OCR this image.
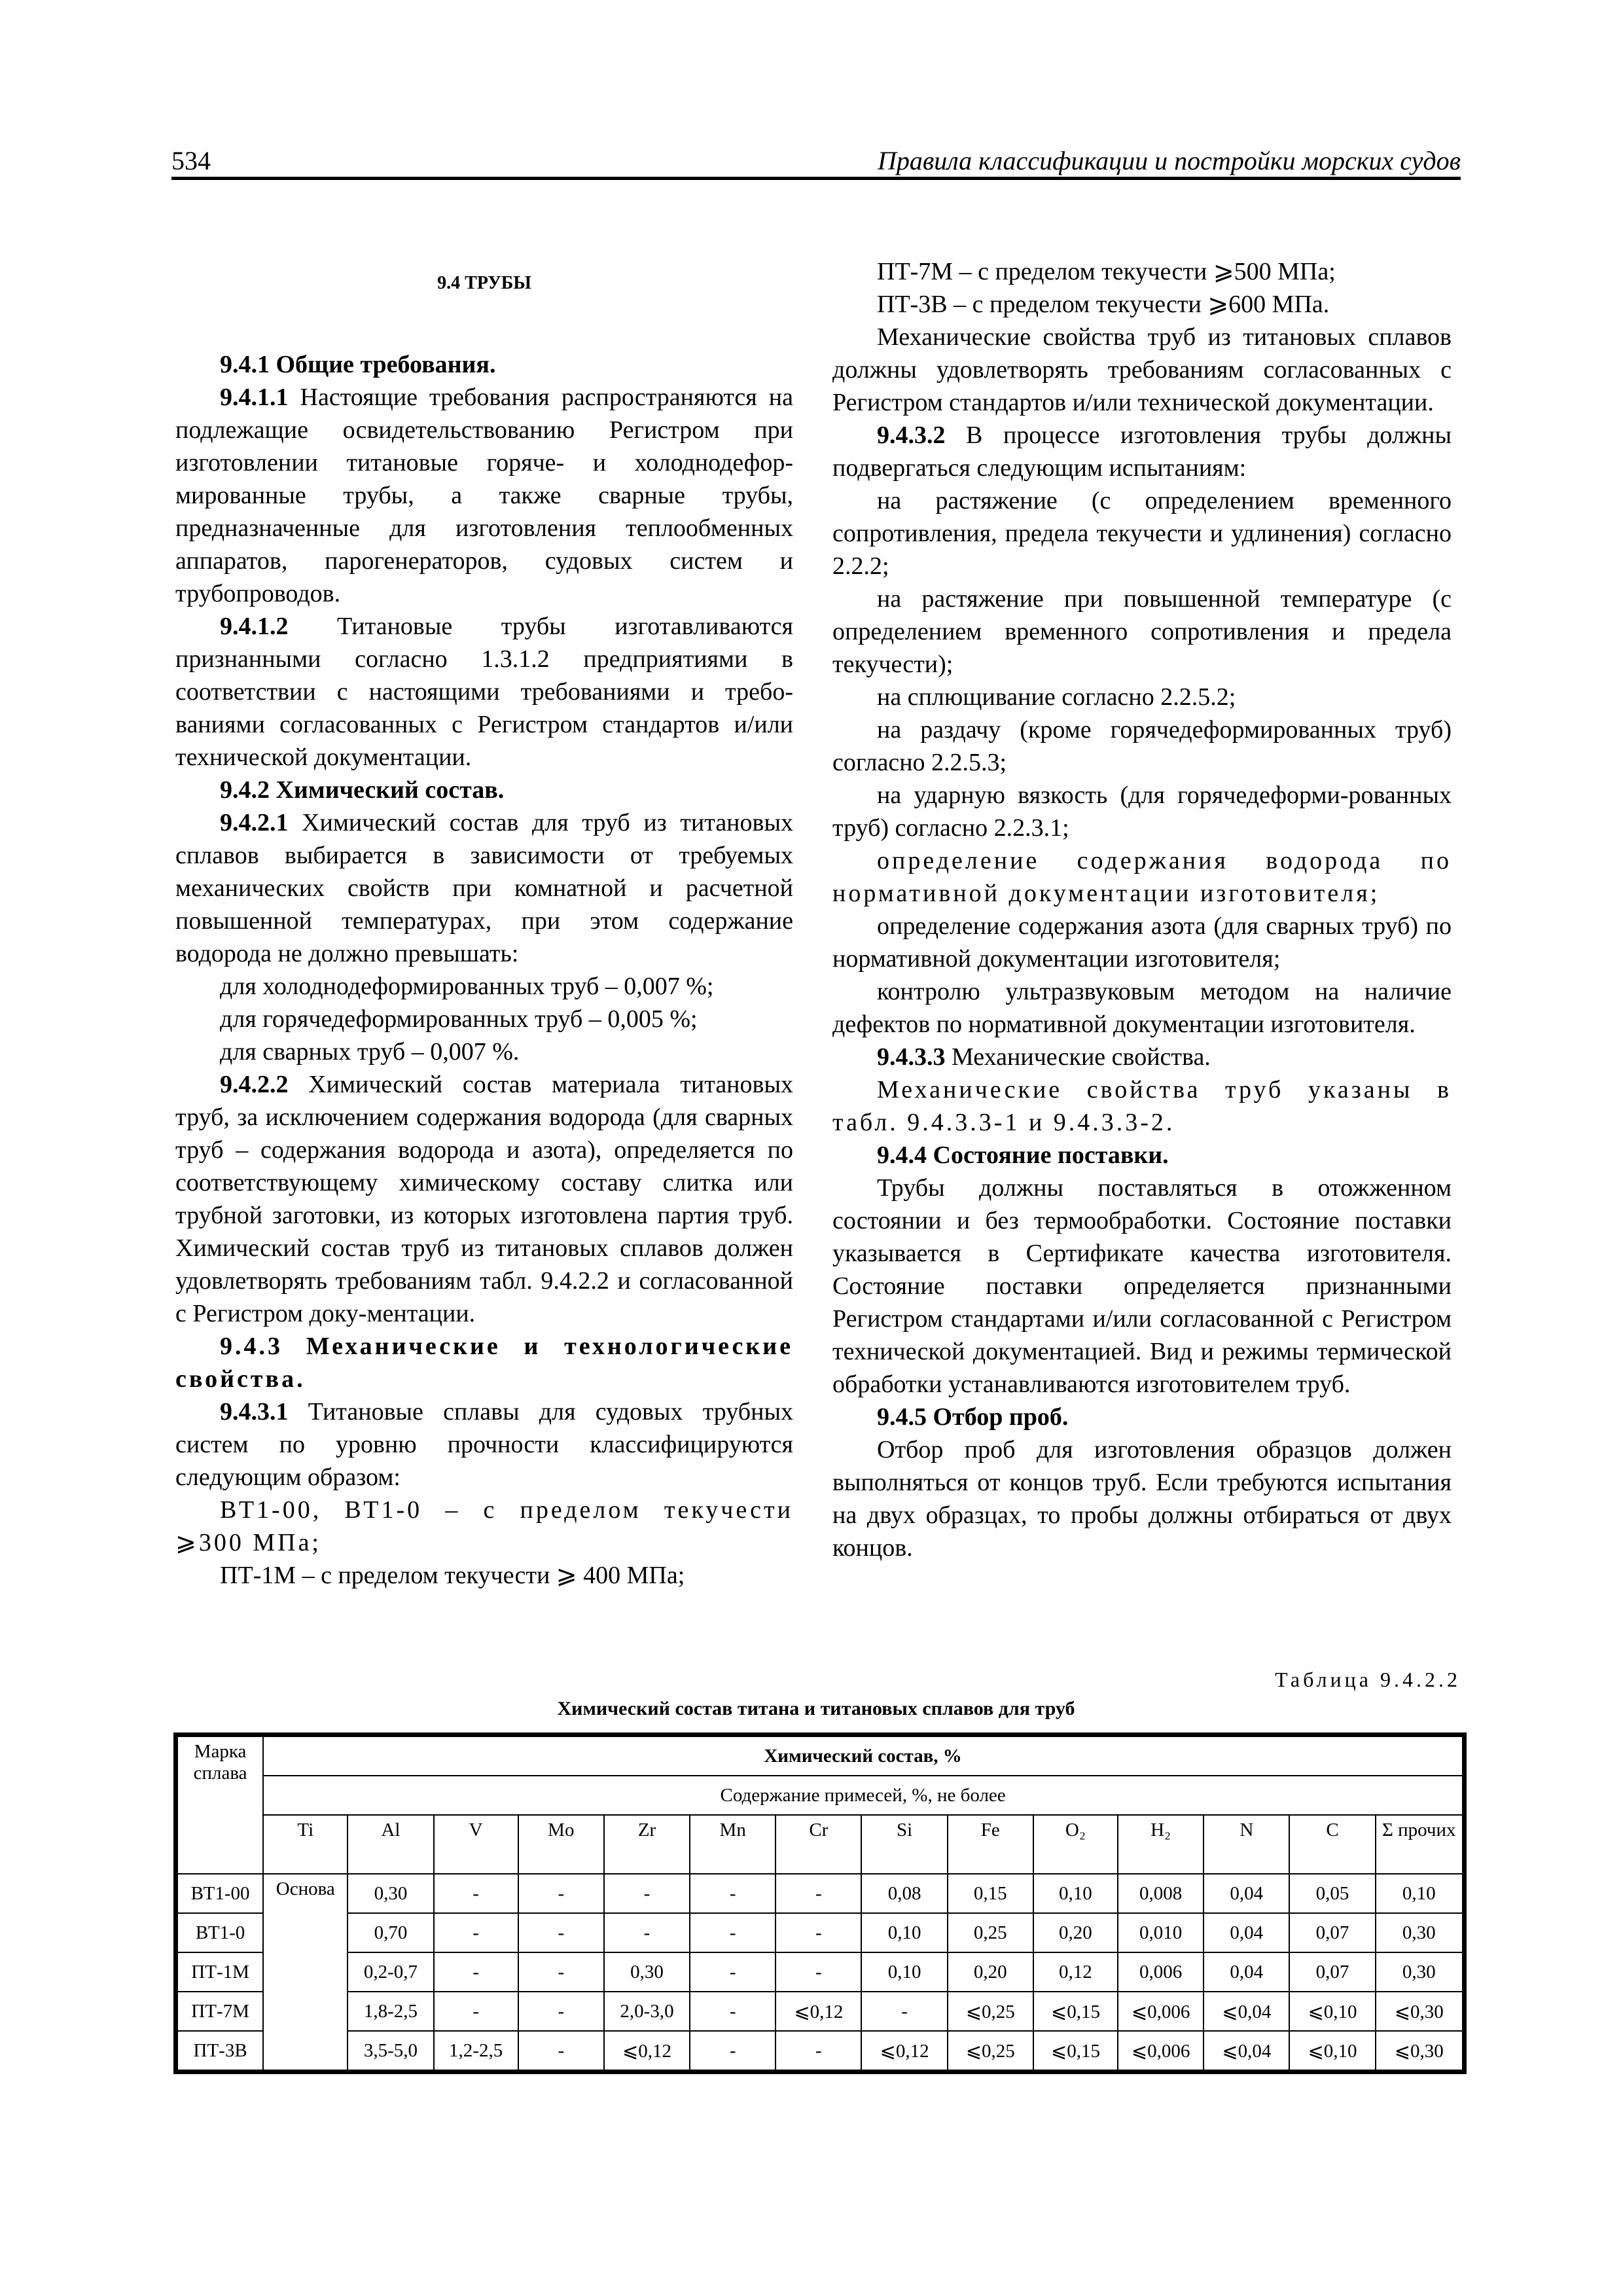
534	Правила классификации и постройки морских судов

9.4 ТРУБЫ

9.4.1 Общие требования.

9.4.1.1 Настоящие требования распространяются на подлежащие освидетельствованию Регистром при изготовлении титановые горяче- и холоднодефор-мированные трубы, а также сварные трубы, предназначенные для изготовления теплообменных аппаратов, парогенераторов, судовых систем и трубопроводов.

9.4.1.2 Титановые трубы изготавливаются признанными согласно 1.3.1.2 предприятиями в соответствии с настоящими требованиями и требо-ваниями согласованных с Регистром стандартов и/или технической документации.

9.4.2 Химический состав.

9.4.2.1 Химический состав для труб из титановых сплавов выбирается в зависимости от требуемых механических свойств при комнатной и расчетной повышенной температурах, при этом содержание водорода не должно превышать:

для холоднодеформированных труб – 0,007 %;

для горячедеформированных труб – 0,005 %;

для сварных труб – 0,007 %.

9.4.2.2 Химический состав материала титановых труб, за исключением содержания водорода (для сварных труб – содержания водорода и азота), определяется по соответствующему химическому составу слитка или трубной заготовки, из которых изготовлена партия труб. Химический состав труб из титановых сплавов должен удовлетворять требованиям табл. 9.4.2.2 и согласованной с Регистром доку-ментации.

9.4.3 Механические и технологические свойства.

9.4.3.1 Титановые сплавы для судовых трубных систем по уровню прочности классифицируются следующим образом:

ВТ1-00, ВТ1-0 – с пределом текучести ⩾300 МПа;

ПТ-1М – с пределом текучести ⩾ 400 МПа;

ПТ-7М – с пределом текучести ⩾500 МПа;

ПТ-3В – с пределом текучести ⩾600 МПа.

Механические свойства труб из титановых сплавов должны удовлетворять требованиям согласованных с Регистром стандартов и/или технической документации.

9.4.3.2 В процессе изготовления трубы должны подвергаться следующим испытаниям:

на растяжение (с определением временного сопротивления, предела текучести и удлинения) согласно 2.2.2;

на растяжение при повышенной температуре (с определением временного сопротивления и предела текучести);

на сплющивание согласно 2.2.5.2;

на раздачу (кроме горячедеформированных труб) согласно 2.2.5.3;

на ударную вязкость (для горячедеформи-рованных труб) согласно 2.2.3.1;

определение содержания водорода по нормативной документации изготовителя;

определение содержания азота (для сварных труб) по нормативной документации изготовителя;

контролю ультразвуковым методом на наличие дефектов по нормативной документации изготовителя.

9.4.3.3 Механические свойства.

Механические свойства труб указаны в табл. 9.4.3.3-1 и 9.4.3.3-2.

9.4.4 Состояние поставки.

Трубы должны поставляться в отожженном состоянии и без термообработки. Состояние поставки указывается в Сертификате качества изготовителя. Состояние поставки определяется признанными Регистром стандартами и/или согласованной с Регистром технической документацией. Вид и режимы термической обработки устанавливаются изготовителем труб.

9.4.5 Отбор проб.

Отбор проб для изготовления образцов должен выполняться от концов труб. Если требуются испытания на двух образцах, то пробы должны отбираться от двух концов.

Таблица 9.4.2.2
Химический состав титана и титановых сплавов для труб
Марка сплава	Химический состав, %													
	Содержание примесей, %, не более													
	Ti	Al	V	Mo	Zr	Mn	Cr	Si	Fe	O₂	H₂	N	C	Σ прочих
ВТ1-00	Основа	0,30	-	-	-	-	-	0,08	0,15	0,10	0,008	0,04	0,05	0,10
ВТ1-0		0,70	-	-	-	-	-	0,10	0,25	0,20	0,010	0,04	0,07	0,30
ПТ-1М		0,2-0,7	-	-	0,30	-	-	0,10	0,20	0,12	0,006	0,04	0,07	0,30
ПТ-7М		1,8-2,5	-	-	2,0-3,0	-	⩽0,12	-	⩽0,25	⩽0,15	⩽0,006	⩽0,04	⩽0,10	⩽0,30
ПТ-3В		3,5-5,0	1,2-2,5	-	⩽0,12	-	-	⩽0,12	⩽0,25	⩽0,15	⩽0,006	⩽0,04	⩽0,10	⩽0,30
